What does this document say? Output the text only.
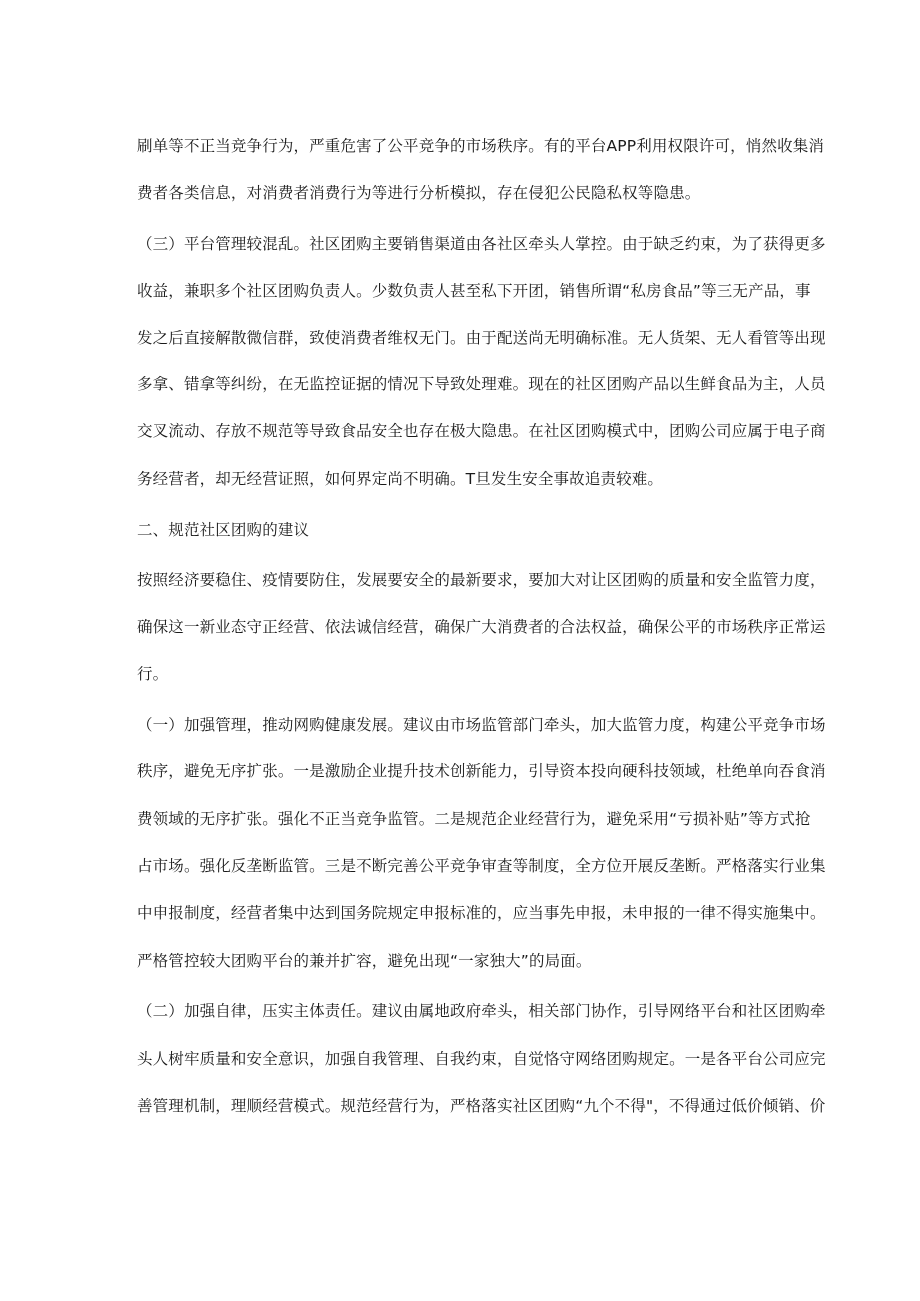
刷单等不正当竞争行为，严重危害了公平竞争的市场秩序。有的平台APP利用权限许可，悄然收集消
费者各类信息，对消费者消费行为等进行分析模拟，存在侵犯公民隐私权等隐患。
（三）平台管理较混乱。社区团购主要销售渠道由各社区牵头人掌控。由于缺乏约束，为了获得更多
收益，兼职多个社区团购负责人。少数负责人甚至私下开团，销售所谓“私房食品”等三无产品，事
发之后直接解散微信群，致使消费者维权无门。由于配送尚无明确标准。无人货架、无人看管等出现
多拿、错拿等纠纷，在无监控证据的情况下导致处理难。现在的社区团购产品以生鲜食品为主，人员
交叉流动、存放不规范等导致食品安全也存在极大隐患。在社区团购模式中，团购公司应属于电子商
务经营者，却无经营证照，如何界定尚不明确。T旦发生安全事故追责较难。
二、规范社区团购的建议
按照经济要稳住、疫情要防住，发展要安全的最新要求，要加大对让区团购的质量和安全监管力度，
确保这一新业态守正经营、依法诚信经营，确保广大消费者的合法权益，确保公平的市场秩序正常运
行。
（一）加强管理，推动网购健康发展。建议由市场监管部门牵头，加大监管力度，构建公平竞争市场
秩序，避免无序扩张。一是激励企业提升技术创新能力，引导资本投向硬科技领域，杜绝单向吞食消
费领域的无序扩张。强化不正当竞争监管。二是规范企业经营行为，避免采用“亏损补贴”等方式抢
占市场。强化反垄断监管。三是不断完善公平竞争审查等制度，全方位开展反垄断。严格落实行业集
中申报制度，经营者集中达到国务院规定申报标准的，应当事先申报，未申报的一律不得实施集中。
严格管控较大团购平台的兼并扩容，避免出现“一家独大”的局面。
（二）加强自律，压实主体责任。建议由属地政府牵头，相关部门协作，引导网络平台和社区团购牵
头人树牢质量和安全意识，加强自我管理、自我约束，自觉恪守网络团购规定。一是各平台公司应完
善管理机制，理顺经营模式。规范经营行为，严格落实社区团购“九个不得"，不得通过低价倾销、价
